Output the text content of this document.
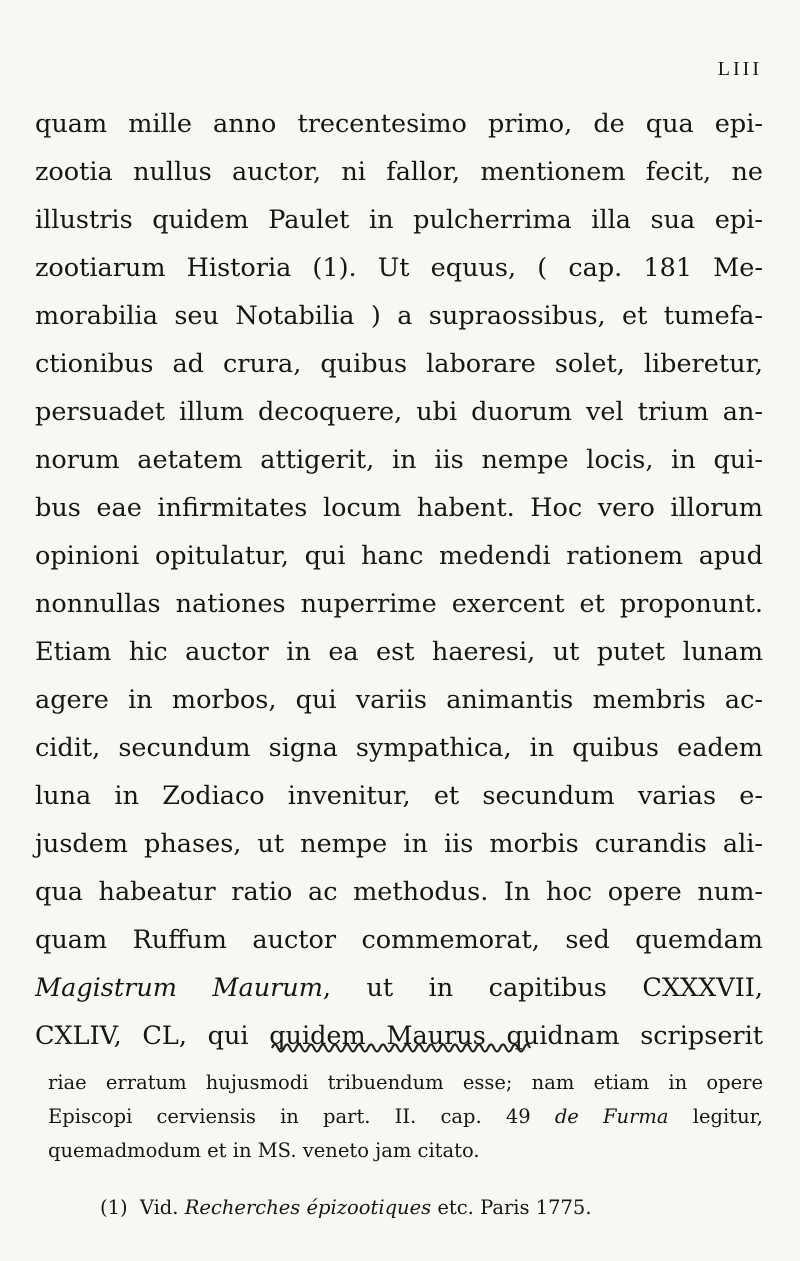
LIII
quam mille anno trecentesimo primo, de qua epi-
zootia nullus auctor, ni fallor, mentionem fecit, ne
illustris quidem Paulet in pulcherrima illa sua epi-
zootiarum Historia (1). Ut equus, ( cap. 181 Me-
morabilia seu Notabilia ) a supraossibus, et tumefa-
ctionibus ad crura, quibus laborare solet, liberetur,
persuadet illum decoquere, ubi duorum vel trium an-
norum aetatem attigerit, in iis nempe locis, in qui-
bus eae infirmitates locum habent. Hoc vero illorum
opinioni opitulatur, qui hanc medendi rationem apud
nonnullas nationes nuperrime exercent et proponunt.
Etiam hic auctor in ea est haeresi, ut putet lunam
agere in morbos, qui variis animantis membris ac-
cidit, secundum signa sympathica, in quibus eadem
luna in Zodiaco invenitur, et secundum varias e-
jusdem phases, ut nempe in iis morbis curandis ali-
qua habeatur ratio ac methodus. In hoc opere num-
quam Ruffum auctor commemorat, sed quemdam
Magistrum Maurum, ut in capitibus CXXXVII,
CXLIV, CL, qui quidem Maurus quidnam scripserit
riae erratum hujusmodi tribuendum esse; nam etiam in opere
Episcopi cerviensis in part. II. cap. 49 de Furma legitur,
quemadmodum et in MS. veneto jam citato.
(1) Vid. Recherches épizootiques etc. Paris 1775.
